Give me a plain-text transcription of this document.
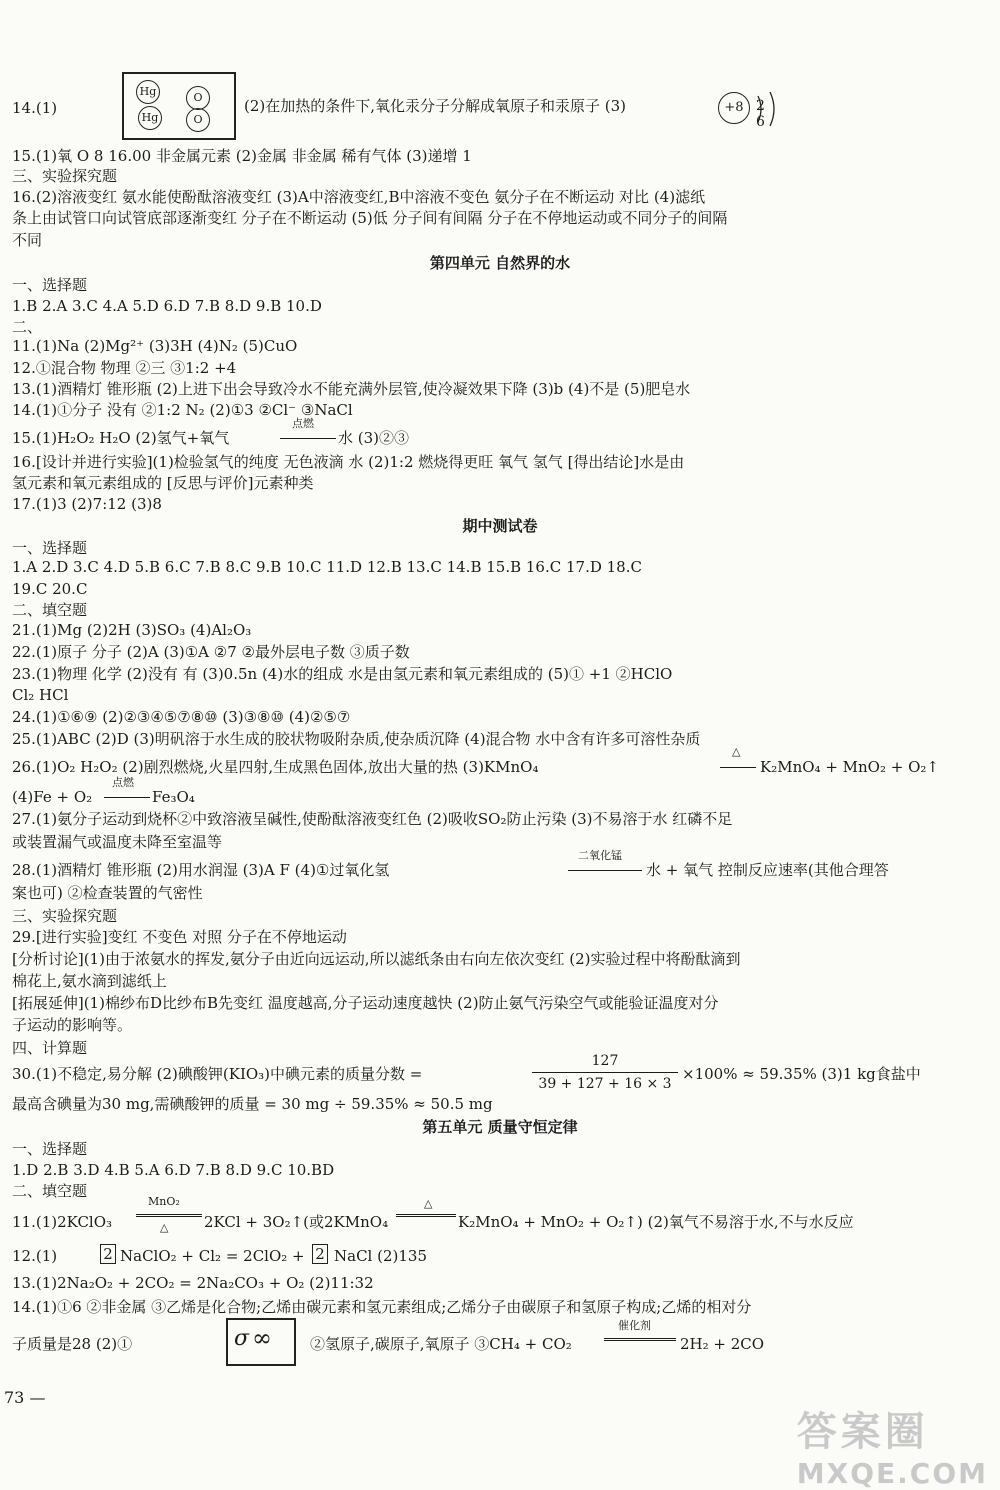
14.(1)
Hg
Hg
O
O
(2)在加热的条件下,氧化汞分子分解成氧原子和汞原子 (3)	+8 2 6
15.(1)氧 O 8 16.00 非金属元素 (2)金属 非金属 稀有气体 (3)递增 1
三、实验探究题
16.(2)溶液变红 氨水能使酚酞溶液变红 (3)A中溶液变红,B中溶液不变色 氨分子在不断运动 对比 (4)滤纸
条上由试管口向试管底部逐渐变红 分子在不断运动 (5)低 分子间有间隔 分子在不停地运动或不同分子的间隔
不同
第四单元 自然界的水
一、选择题
1.B 2.A 3.C 4.A 5.D 6.D 7.B 8.D 9.B 10.D
二、
11.(1)Na (2)Mg²⁺ (3)3H (4)N₂ (5)CuO
12.①混合物 物理 ②三 ③1:2 +4
13.(1)酒精灯 锥形瓶 (2)上进下出会导致冷水不能充满外层管,使冷凝效果下降 (3)b (4)不是 (5)肥皂水
14.(1)①分子 没有 ②1:2 N₂ (2)①3 ②Cl⁻ ③NaCl
15.(1)H₂O₂ H₂O (2)氢气+氧气
点燃
水 (3)②③
16.[设计并进行实验](1)检验氢气的纯度 无色液滴 水 (2)1:2 燃烧得更旺 氧气 氢气 [得出结论]水是由
氢元素和氧元素组成的 [反思与评价]元素种类
17.(1)3 (2)7:12 (3)8
期中测试卷
一、选择题
1.A 2.D 3.C 4.D 5.B 6.C 7.B 8.C 9.B 10.C 11.D 12.B 13.C 14.B 15.B 16.C 17.D 18.C
19.C 20.C
二、填空题
21.(1)Mg (2)2H (3)SO₃ (4)Al₂O₃
22.(1)原子 分子 (2)A (3)①A ②7 ②最外层电子数 ③质子数
23.(1)物理 化学 (2)没有 有 (3)0.5n (4)水的组成 水是由氢元素和氧元素组成的 (5)① +1 ②HClO
Cl₂ HCl
24.(1)①⑥⑨ (2)②③④⑤⑦⑧⑩ (3)③⑧⑩ (4)②⑤⑦
25.(1)ABC (2)D (3)明矾溶于水生成的胶状物吸附杂质,使杂质沉降 (4)混合物 水中含有许多可溶性杂质
26.(1)O₂ H₂O₂ (2)剧烈燃烧,火星四射,生成黑色固体,放出大量的热 (3)KMnO₄
△
K₂MnO₄ + MnO₂ + O₂↑
(4)Fe + O₂
点燃
Fe₃O₄
27.(1)氨分子运动到烧杯②中致溶液呈碱性,使酚酞溶液变红色 (2)吸收SO₂防止污染 (3)不易溶于水 红磷不足
或装置漏气或温度未降至室温等
28.(1)酒精灯 锥形瓶 (2)用水润湿 (3)A F (4)①过氧化氢
二氧化锰
水 + 氧气 控制反应速率(其他合理答
案也可) ②检查装置的气密性
三、实验探究题
29.[进行实验]变红 不变色 对照 分子在不停地运动
[分析讨论](1)由于浓氨水的挥发,氨分子由近向远运动,所以滤纸条由右向左依次变红 (2)实验过程中将酚酞滴到
棉花上,氨水滴到滤纸上
[拓展延伸](1)棉纱布D比纱布B先变红 温度越高,分子运动速度越快 (2)防止氨气污染空气或能验证温度对分
子运动的影响等。
四、计算题
30.(1)不稳定,易分解 (2)碘酸钾(KIO₃)中碘元素的质量分数 =
127
39 + 127 + 16 × 3
×100% ≈ 59.35% (3)1 kg食盐中
最高含碘量为30 mg,需碘酸钾的质量 = 30 mg ÷ 59.35% ≈ 50.5 mg
第五单元 质量守恒定律
一、选择题
1.D 2.B 3.D 4.B 5.A 6.D 7.B 8.D 9.C 10.BD
二、填空题
11.(1)2KClO₃
MnO₂
△ 2KCl + 3O₂↑(或2KMnO₄
△
K₂MnO₄ + MnO₂ + O₂↑) (2)氧气不易溶于水,不与水反应
12.(1)	2 NaClO₂ + Cl₂ = 2ClO₂ + 2 NaCl (2)135
13.(1)2Na₂O₂ + 2CO₂ = 2Na₂CO₃ + O₂ (2)11:32
14.(1)①6 ②非金属 ③乙烯是化合物;乙烯由碳元素和氢元素组成;乙烯分子由碳原子和氢原子构成;乙烯的相对分
子质量是28 (2)①	σ ∞	②氢原子,碳原子,氧原子 ③CH₄ + CO₂
催化剂
2H₂ + 2CO
73 —
答案圈
MXQE.COM
